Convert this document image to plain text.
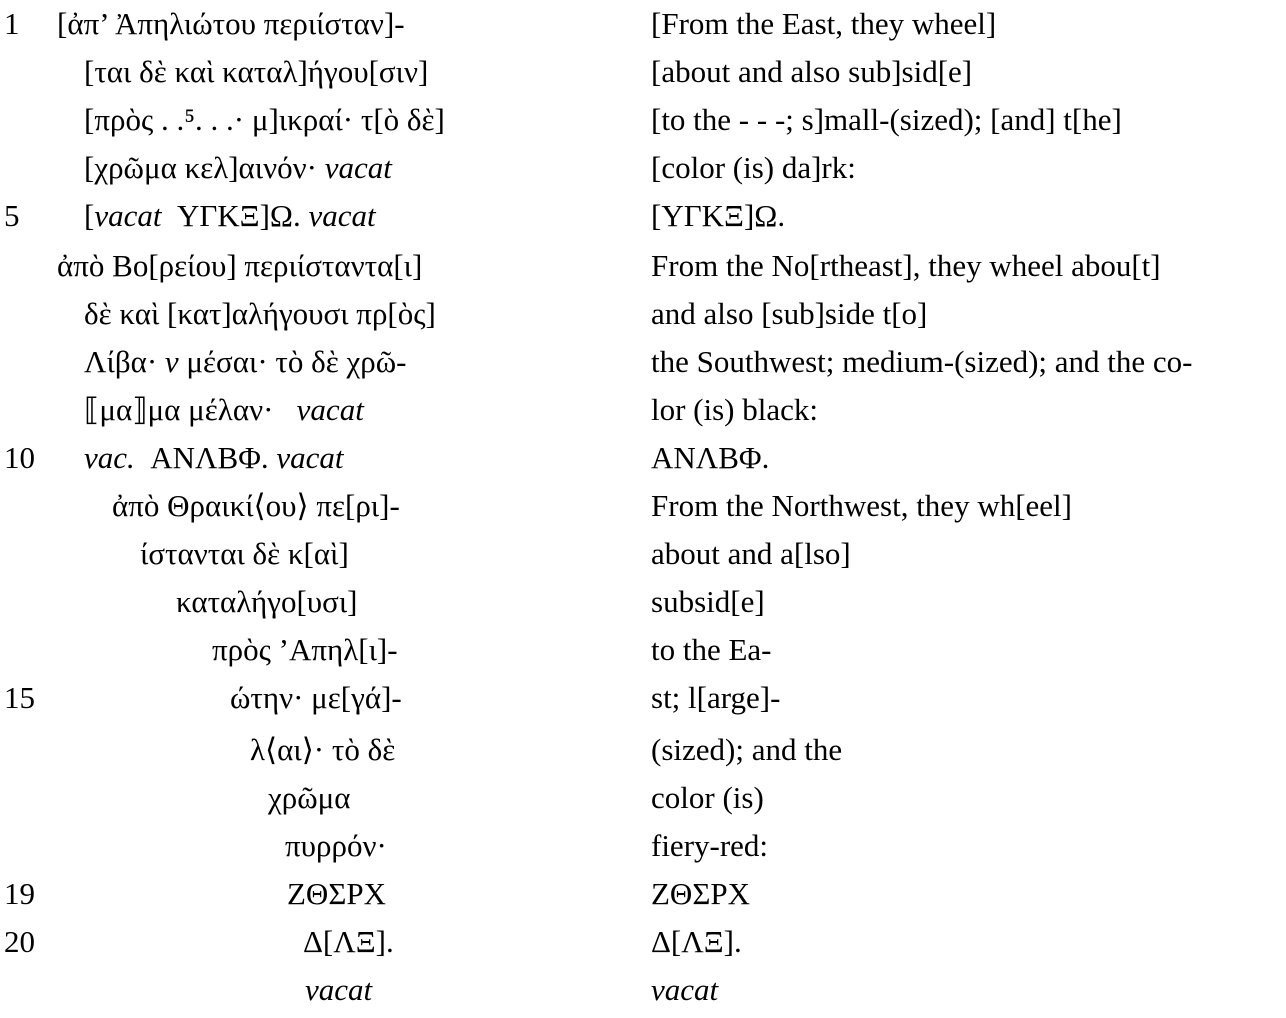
1 [ἀπ’ Ἀπηλιώτου περιίσταν]-	[From the East, they wheel]
[ται δὲ καὶ καταλ]ήγου[σιν]	[about and also sub]sid[e]
[πρὸς . .⁵. . .· μ]ικραί· τ[ὸ δὲ]	[to the - - -; s]mall-(sized); [and] t[he]
[χρῶμα κελ]αινόν· vacat	[color (is) da]rk:
5 [vacat ΥΓΚΞ]Ω. vacat	[ΥΓΚΞ]Ω.
ἀπὸ Βο[ρείου] περιίσταντα[ι]	From the No[rtheast], they wheel abou[t]
δὲ καὶ [κατ]αλήγουσι πρ[ὸς]	and also [sub]side t[o]
Λίβα· ν μέσαι· τὸ δὲ χρῶ-	the Southwest; medium-(sized); and the co-
⟦μα⟧μα μέλαν· vacat	lor (is) black:
10 vac. ΑΝΛΒΦ. vacat	ΑΝΛΒΦ.
ἀπὸ Θραικί⟨ου⟩ πε[ρι]-	From the Northwest, they wh[eel]
ίστανται δὲ κ[αὶ]	about and a[lso]
καταλήγο[υσι]	subsid[e]
πρὸς ’Απηλ[ι]-	to the Ea-
15	ώτην· με[γά]-	st; l[arge]-
λ⟨αι⟩· τὸ δὲ	(sized); and the
χρῶμα	color (is)
πυρρόν·	fiery-red:
19	ΖΘΣΡΧ	ΖΘΣΡΧ
20	Δ[ΛΞ].	Δ[ΛΞ].
vacat	vacat
